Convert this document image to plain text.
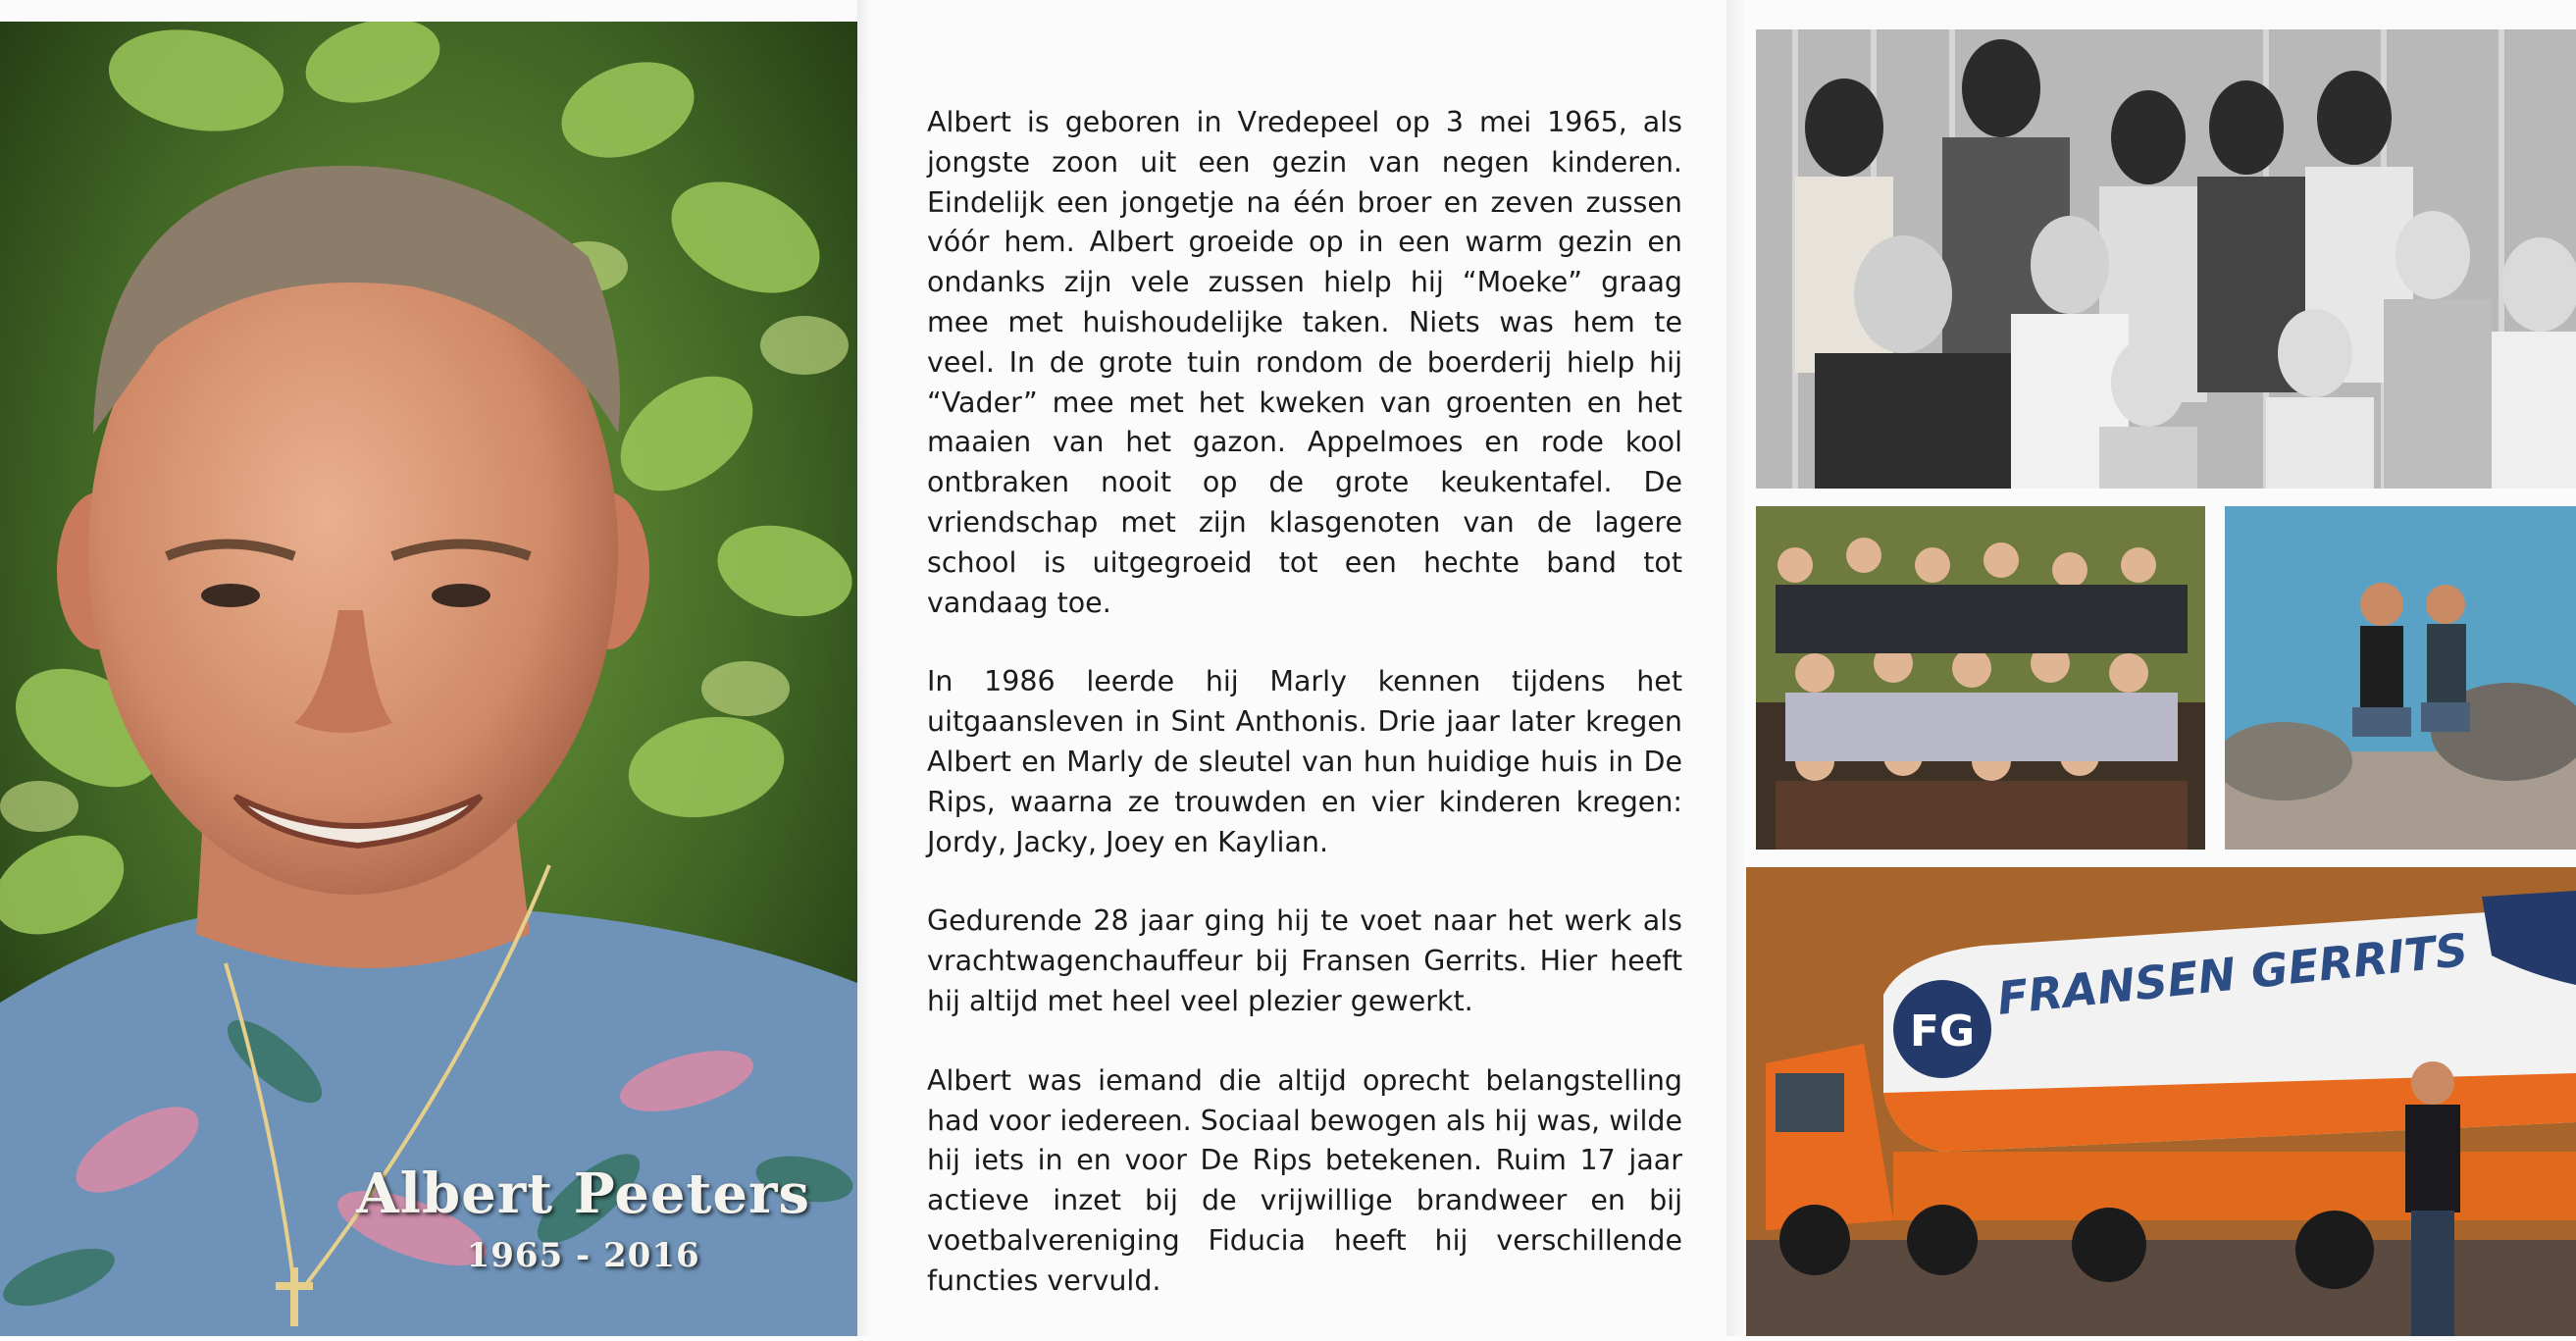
Albert Peeters
1965 - 2016

Albert is geboren in Vredepeel op 3 mei 1965, als jongste zoon uit een gezin van negen kinderen. Eindelijk een jongetje na één broer en zeven zussen vóór hem. Albert groeide op in een warm gezin en ondanks zijn vele zussen hielp hij “Moeke” graag mee met huishoudelijke taken. Niets was hem te veel. In de grote tuin rondom de boerderij hielp hij “Vader” mee met het kweken van groenten en het maaien van het gazon. Appelmoes en rode kool ontbraken nooit op de grote keukentafel. De vriendschap met zijn klasgenoten van de lagere school is uitgegroeid tot een hechte band tot vandaag toe.

In 1986 leerde hij Marly kennen tijdens het uitgaansleven in Sint Anthonis. Drie jaar later kregen Albert en Marly de sleutel van hun huidige huis in De Rips, waarna ze trouwden en vier kinderen kregen: Jordy, Jacky, Joey en Kaylian.

Gedurende 28 jaar ging hij te voet naar het werk als vrachtwagenchauffeur bij Fransen Gerrits. Hier heeft hij altijd met heel veel plezier gewerkt.

Albert was iemand die altijd oprecht belangstelling had voor iedereen. Sociaal bewogen als hij was, wilde hij iets in en voor De Rips betekenen. Ruim 17 jaar actieve inzet bij de vrijwillige brandweer en bij voetbalvereniging Fiducia heeft hij verschillende functies vervuld.

FG
FRANSEN GERRITS
